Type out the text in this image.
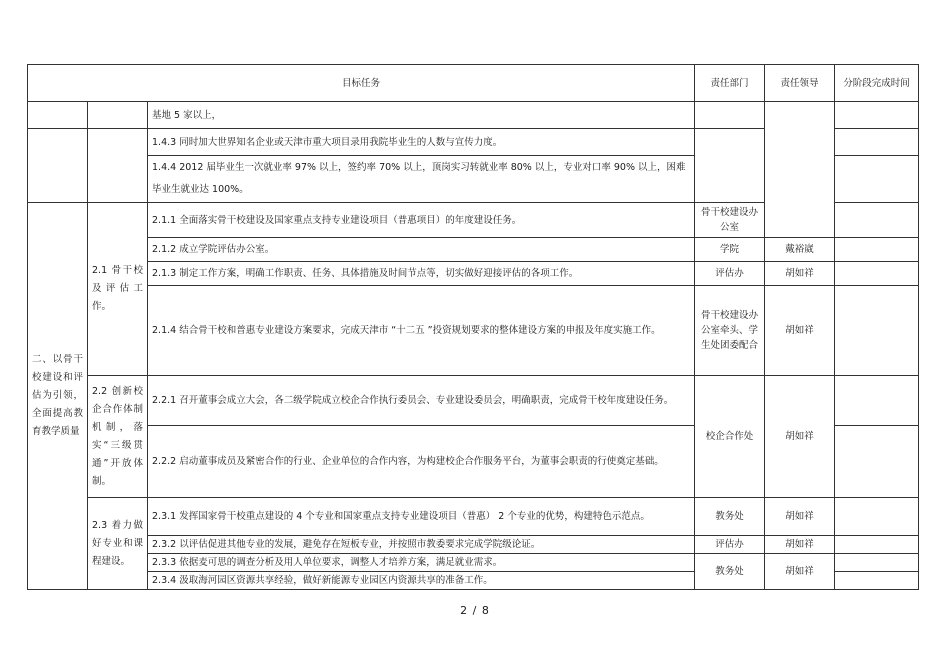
目标任务			责任部门	责任领导	分阶段完成时间
		基地 5 家以上，			
		1.4.3 同时加大世界知名企业或天津市重大项目录用我院毕业生的人数与宣传力度。			
		1.4.4 2012 届毕业生一次就业率 97% 以上，签约率 70% 以上，顶岗实习转就业率 80% 以上，专业对口率 90% 以上，困难毕业生就业达 100%。			
二、以骨干校建设和评估为引领，全面提高教育教学质量	2.1 骨干校及评估工作。	2.1.1 全面落实骨干校建设及国家重点支持专业建设项目（普惠项目）的年度建设任务。	骨干校建设办公室		
		2.1.2 成立学院评估办公室。	学院	戴裕崴	
		2.1.3 制定工作方案，明确工作职责、任务、具体措施及时间节点等，切实做好迎接评估的各项工作。	评估办	胡如祥	
		2.1.4 结合骨干校和普惠专业建设方案要求，完成天津市 “十二五 ”投资规划要求的整体建设方案的申报及年度实施工作。	骨干校建设办公室牵头、学生处团委配合	胡如祥	
	2.2 创新校企合作体制机制，落实“三级贯通”开放体制。	2.2.1 召开董事会成立大会，各二级学院成立校企合作执行委员会、专业建设委员会，明确职责，完成骨干校年度建设任务。	校企合作处	胡如祥	
		2.2.2 启动董事成员及紧密合作的行业、企业单位的合作内容，为构建校企合作服务平台，为董事会职责的行使奠定基础。			
	2.3 着力做好专业和课程建设。	2.3.1 发挥国家骨干校重点建设的 4 个专业和国家重点支持专业建设项目（普惠） 2 个专业的优势，构建特色示范点。	教务处	胡如祥	
		2.3.2 以评估促进其他专业的发展，避免存在短板专业，并按照市教委要求完成学院级论证。	评估办	胡如祥	
		2.3.3 依据麦可思的调查分析及用人单位要求，调整人才培养方案，满足就业需求。	教务处	胡如祥	
		2.3.4 汲取海河园区资源共享经验，做好新能源专业园区内资源共享的准备工作。			
2 / 8
